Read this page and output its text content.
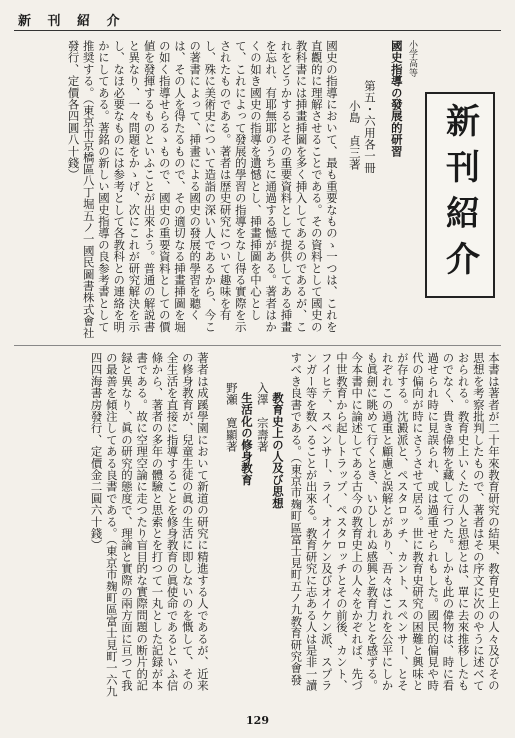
新 刊 紹 介
新刊紹介

小学高等

國史指導の發展的研習

第五・六用各一冊

小島　貞三著

國史の指導において、最も重要なものゝ一つは、これを直觀的に理解させることである。その資料として國史の教科書には挿畫挿圖を多く挿入してあるのであるが、これをどうかするとその重要資料として提供してある挿畫を忘れ、有耶無耶のうちに通過する憾がある。著者はかくの如き國史の指導を遺憾とし、挿畫挿圖を中心として、これによって發展的學習の指導をなし得る實際を示されたものである。著者は歴史研究について趣味を有し、殊に美術史について造詣の深い人であるから、今この著書によって、挿畫による國史の發展的學習を聽くは、その人を得たるもので、その適切なる挿畫挿圖を堀の如く指導せらるゝもので、國史の重要資料としての價値を發揮するものといふことが出來よう。普通の解説書と異なり、一々問題をかゝげ、次にこれが研究解決を示し、なほ必要なものには参考として各教科との連絡を明かにしてある。著銘の新しい國史指導の良参考書として推奨する。（東京市京橋區八丁堀五ノ一國民圖書株式會社發行、定價各四圓八十錢）

教育史上の人及び思想

入澤　宗壽著

本書は著者が二十年來教育研究の結果、教育史上の人々及びその思想を考察批判したもので、著者はその序文に次のやうに述べておられる。教育史上いくたの人と思想とは、單に去來推移したものでなく、貴き偉物を藏して行つた。しかも此の偉物は、時に看過せられ時に見誤られ、或は過重せられもした。國民的偏見や時代の偏向が時にさうさせて居る。世に教育史研究の困難と興味とが存する。沈澱派と、ペスタロッチ、カント、スペンサー、とそれぞれこの過重と顧慮と誤解とがあり、吾々はこれを公平にしかも眞劍に眺めて行くとき、いひしれぬ感興と教育力とを感ずる。今本書中に論述してある古今の教育史上の人々をかぞれば、先づ中世教育から起しトラップ、ペスタロッチとその前後、カント、フイヒテ、スペンサー、ライ、オイケン及びオイケン派、スプランガー等を数へることが出來る。教育研究に志ある人は是非一讀すべき良書である。（東京市麹町區富士見町五ノ九教育研究會發

生活化の修身教育

野瀬　寛顯著

著者は成蹊學園において新道の研究に精進する人であるが、近来の修身教育が、兒童生徒の眞の生活に即しないのを慨して、その全生活を直接に指導することを修身教育の眞使命であるといふ信條から、著者の多年の體驗と思索とを打つて一丸とした記録が本書である。故に空理空論に走つたり盲目的な實際問題の断片的記録と異なり、眞の研究的態度で、理論と實際の兩方面に亘つて我の最善を傾注してある良書である。（東京市麹町區富士見町一六九四四海書房發行、定價金二圓六十錢）
129
